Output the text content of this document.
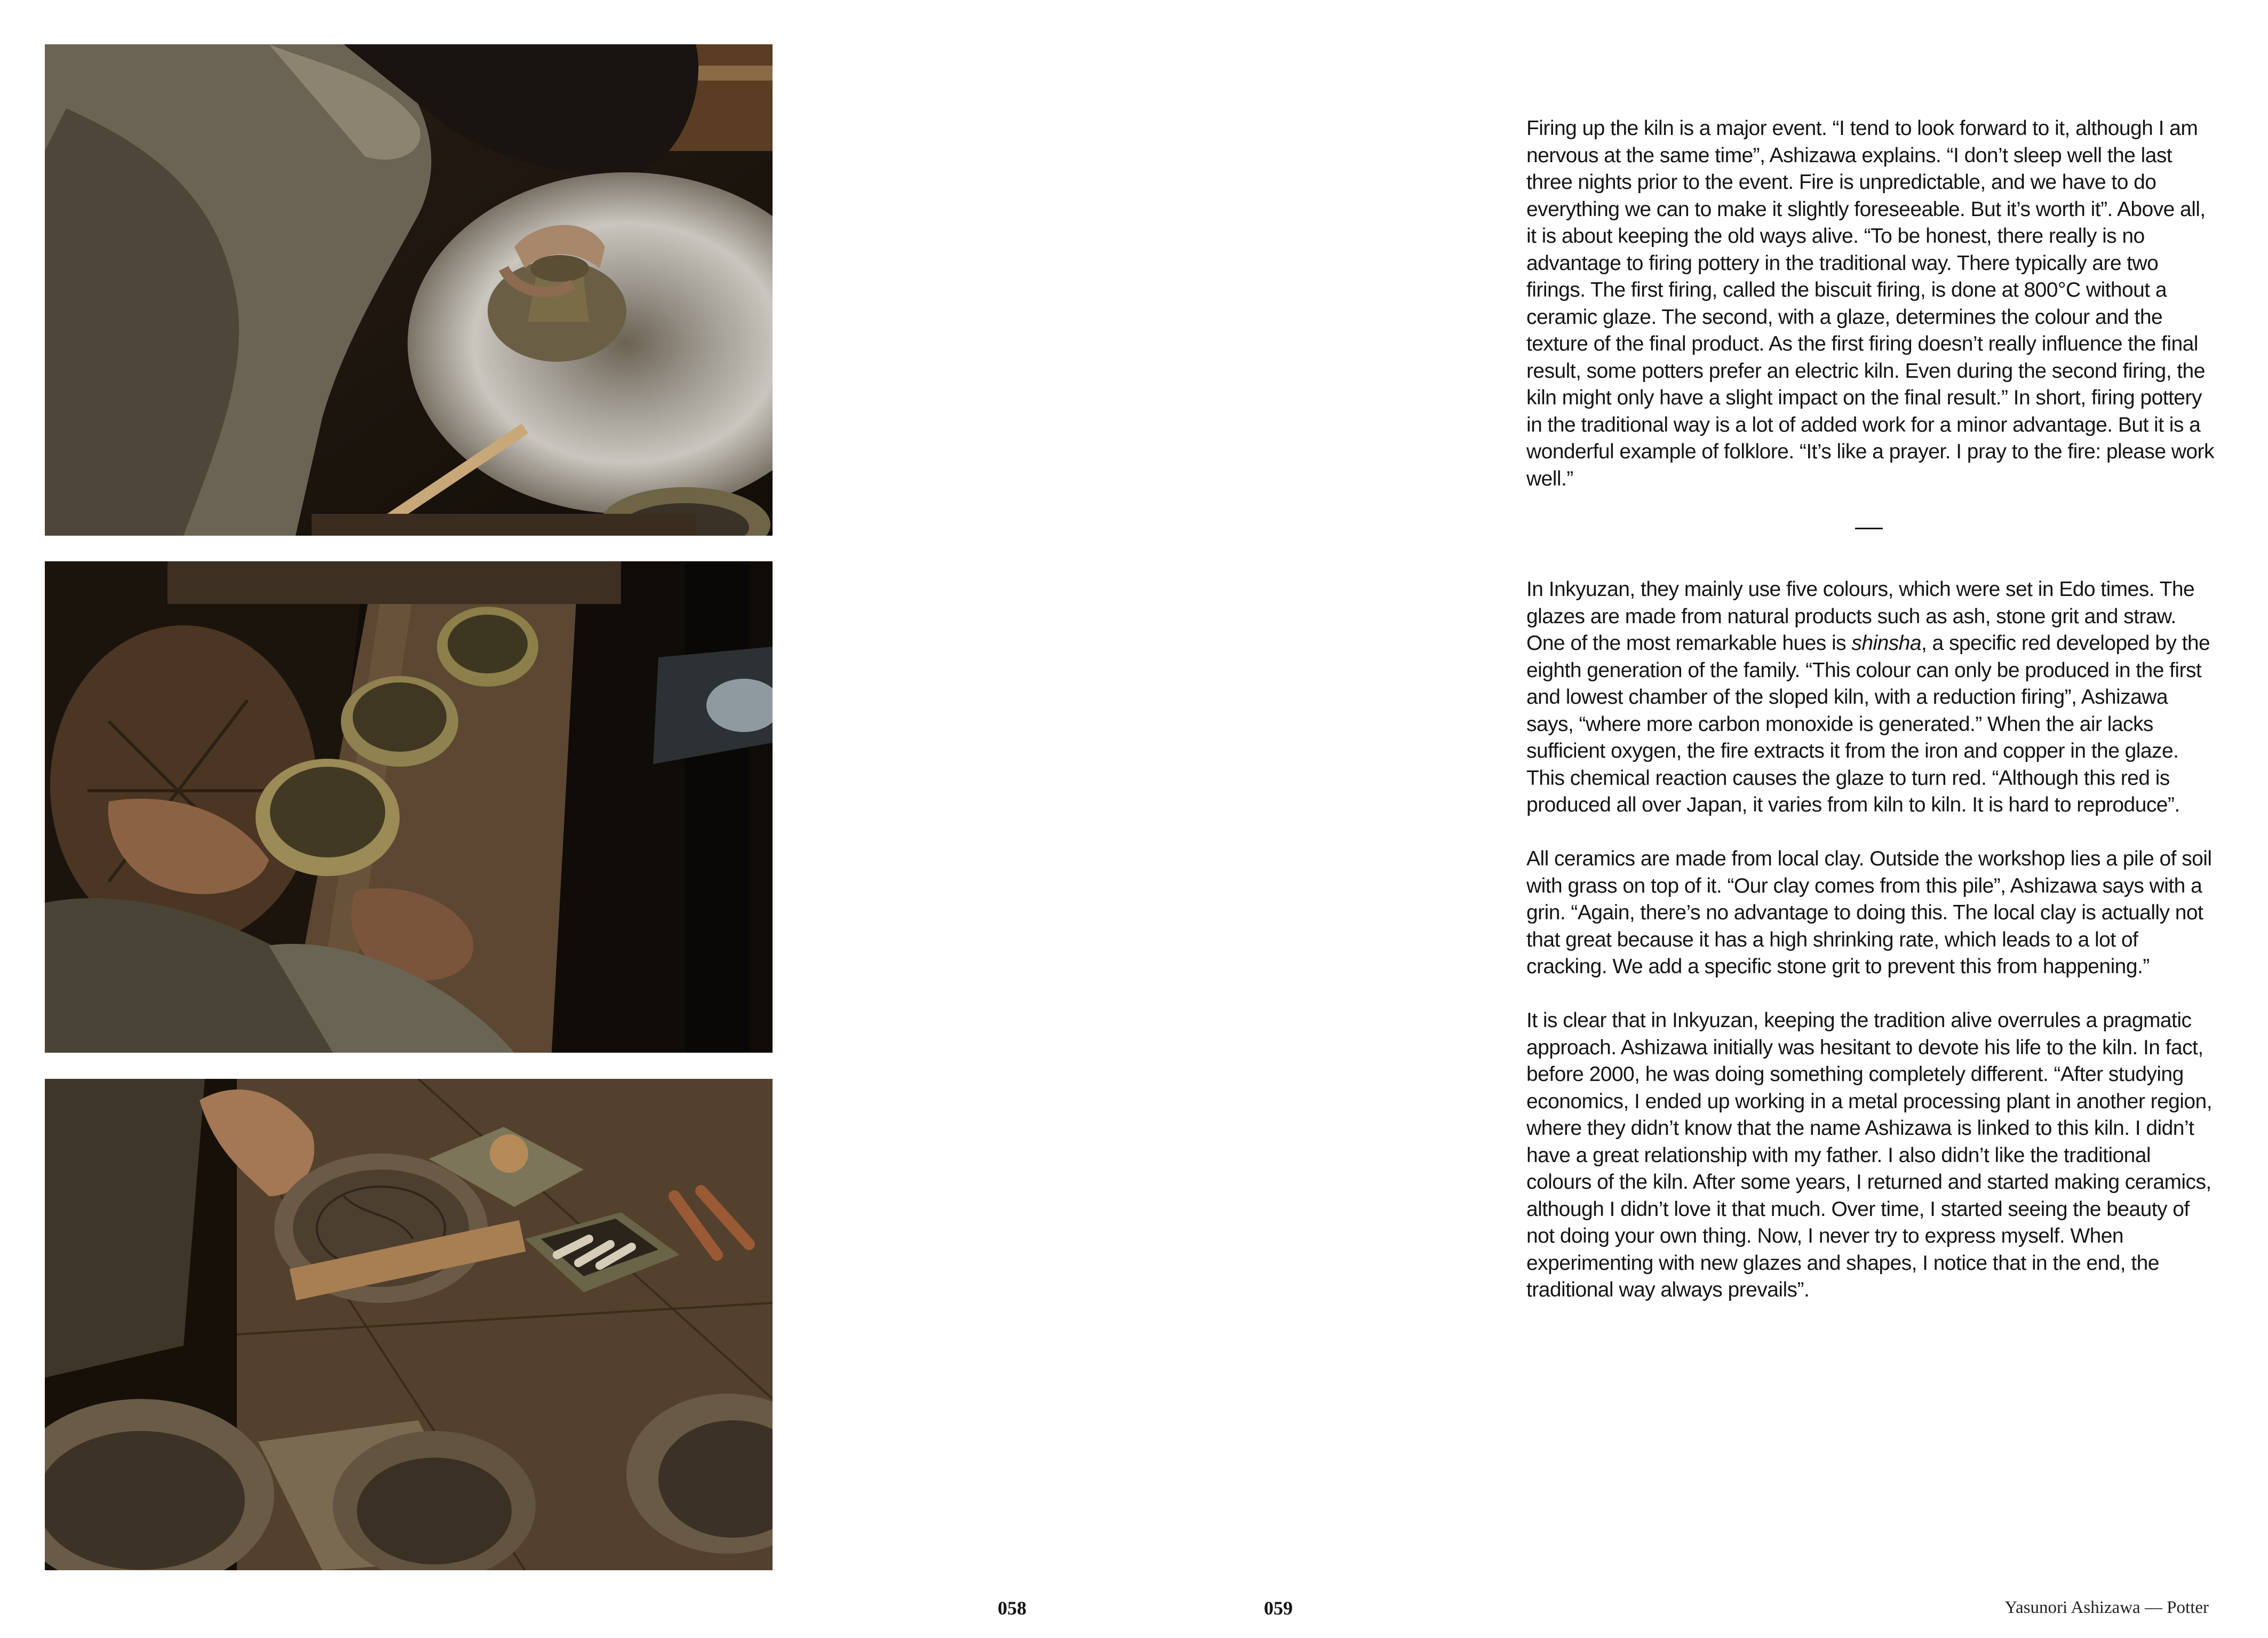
058

Firing up the kiln is a major event. “I tend to look forward to it, although I am nervous at the same time”, Ashizawa explains. “I don’t sleep well the last three nights prior to the event. Fire is unpredictable, and we have to do everything we can to make it slightly foreseeable. But it’s worth it”. Above all, it is about keeping the old ways alive. “To be honest, there really is no advantage to firing pottery in the traditional way. There typically are two firings. The first firing, called the biscuit firing, is done at 800°C without a ceramic glaze. The second, with a glaze, determines the colour and the texture of the final product. As the first firing doesn’t really influence the final result, some potters prefer an electric kiln. Even during the second firing, the kiln might only have a slight impact on the final result.” In short, firing pottery in the traditional way is a lot of added work for a minor advantage. But it is a wonderful example of folklore. “It’s like a prayer. I pray to the fire: please work well.”

In Inkyuzan, they mainly use five colours, which were set in Edo times. The glazes are made from natural products such as ash, stone grit and straw. One of the most remarkable hues is shinsha, a specific red developed by the eighth generation of the family. “This colour can only be produced in the first and lowest chamber of the sloped kiln, with a reduction firing”, Ashizawa says, “where more carbon monoxide is generated.” When the air lacks sufficient oxygen, the fire extracts it from the iron and copper in the glaze. This chemical reaction causes the glaze to turn red. “Although this red is produced all over Japan, it varies from kiln to kiln. It is hard to reproduce”.

All ceramics are made from local clay. Outside the workshop lies a pile of soil with grass on top of it. “Our clay comes from this pile”, Ashizawa says with a grin. “Again, there’s no advantage to doing this. The local clay is actually not that great because it has a high shrinking rate, which leads to a lot of cracking. We add a specific stone grit to prevent this from happening.”

It is clear that in Inkyuzan, keeping the tradition alive overrules a pragmatic approach. Ashizawa initially was hesitant to devote his life to the kiln. In fact, before 2000, he was doing something completely different. “After studying economics, I ended up working in a metal processing plant in another region, where they didn’t know that the name Ashizawa is linked to this kiln. I didn’t have a great relationship with my father. I also didn’t like the traditional colours of the kiln. After some years, I returned and started making ceramics, although I didn’t love it that much. Over time, I started seeing the beauty of not doing your own thing. Now, I never try to express myself. When experimenting with new glazes and shapes, I notice that in the end, the traditional way always prevails”.

059	Yasunori Ashizawa — Potter
